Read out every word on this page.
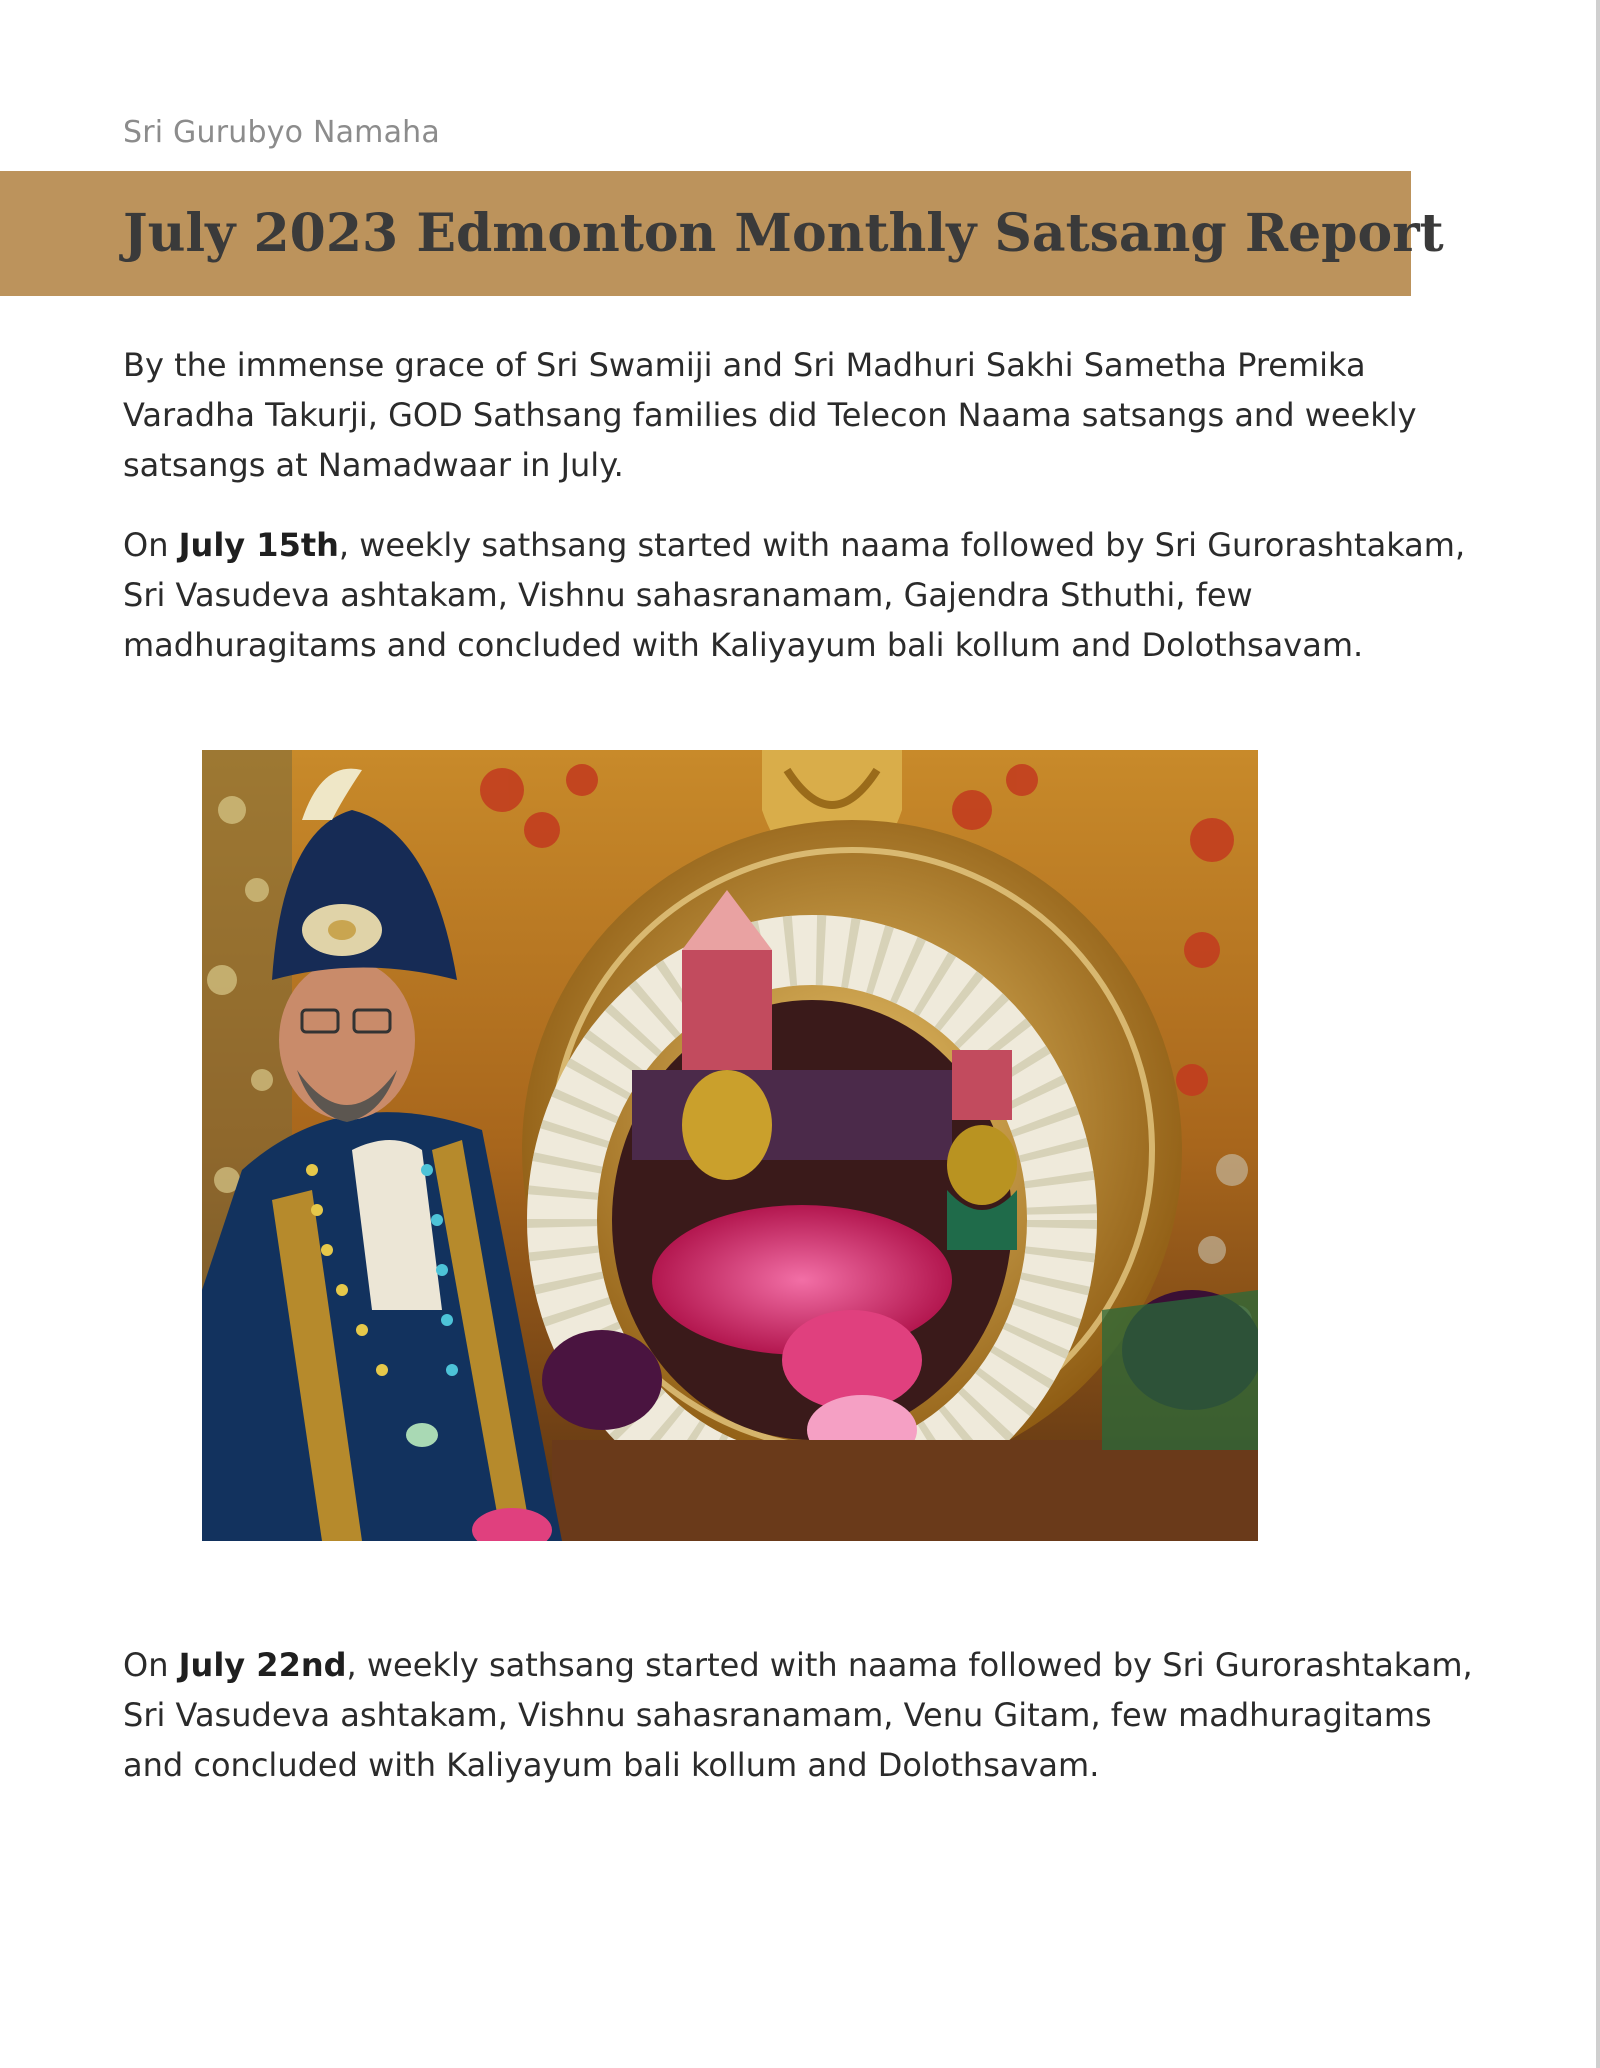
Sri Gurubyo Namaha
July 2023 Edmonton Monthly Satsang Report

By the immense grace of Sri Swamiji and Sri Madhuri Sakhi Sametha Premika Varadha Takurji, GOD Sathsang families did Telecon Naama satsangs and weekly satsangs at Namadwaar in July.

On July 15th, weekly sathsang started with naama followed by Sri Gurorashtakam, Sri Vasudeva ashtakam, Vishnu sahasranamam, Gajendra Sthuthi, few madhuragitams and concluded with Kaliyayum bali kollum and Dolothsavam.

On July 22nd, weekly sathsang started with naama followed by Sri Gurorashtakam, Sri Vasudeva ashtakam, Vishnu sahasranamam, Venu Gitam, few madhuragitams and concluded with Kaliyayum bali kollum and Dolothsavam.
